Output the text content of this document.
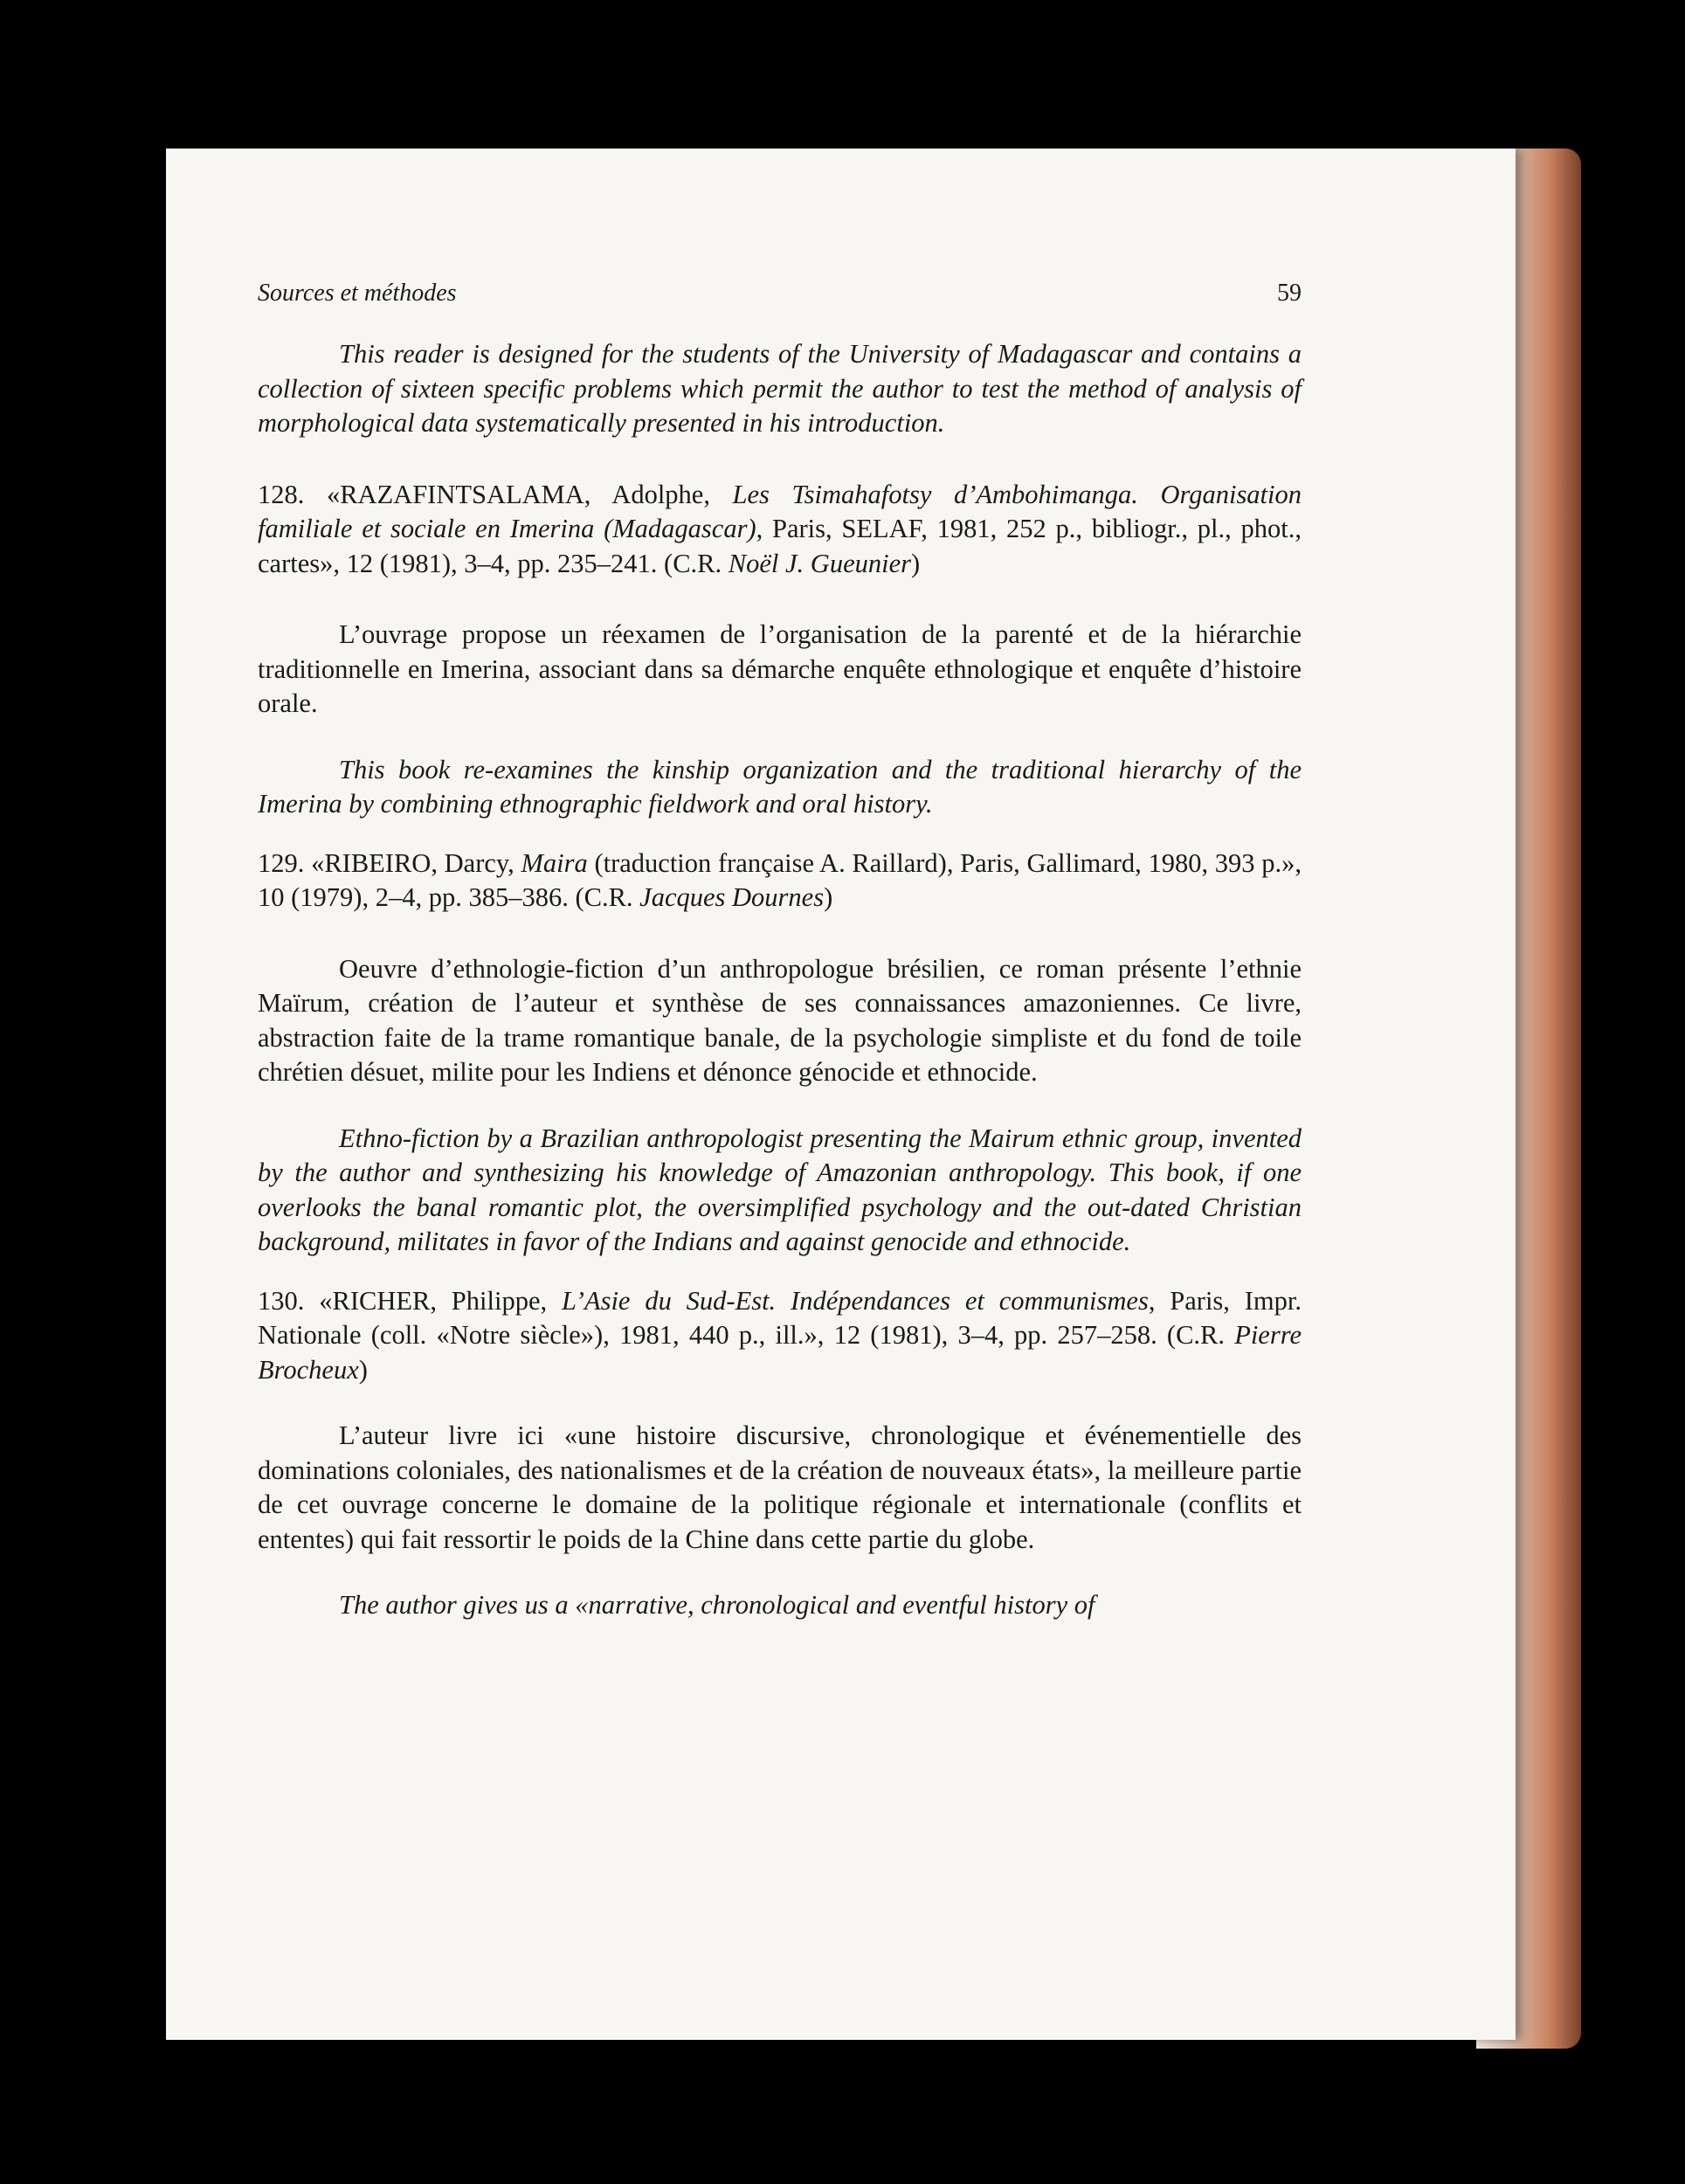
Sources et méthodes	59

This reader is designed for the students of the University of Madagascar and contains a collection of sixteen specific problems which permit the author to test the method of analysis of morphological data systematically presented in his introduction.

128. «RAZAFINTSALAMA, Adolphe, Les Tsimahafotsy d’Ambohimanga. Organisation familiale et sociale en Imerina (Madagascar), Paris, SELAF, 1981, 252 p., bibliogr., pl., phot., cartes», 12 (1981), 3–4, pp. 235–241. (C.R. Noël J. Gueunier)

L’ouvrage propose un réexamen de l’organisation de la parenté et de la hiérarchie traditionnelle en Imerina, associant dans sa démarche enquête ethnologique et enquête d’histoire orale.

This book re-examines the kinship organization and the traditional hierarchy of the Imerina by combining ethnographic fieldwork and oral history.

129. «RIBEIRO, Darcy, Maira (traduction française A. Raillard), Paris, Gallimard, 1980, 393 p.», 10 (1979), 2–4, pp. 385–386. (C.R. Jacques Dournes)

Oeuvre d’ethnologie-fiction d’un anthropologue brésilien, ce roman présente l’ethnie Maïrum, création de l’auteur et synthèse de ses connaissances amazoniennes. Ce livre, abstraction faite de la trame romantique banale, de la psychologie simpliste et du fond de toile chrétien désuet, milite pour les Indiens et dénonce génocide et ethnocide.

Ethno-fiction by a Brazilian anthropologist presenting the Mairum ethnic group, invented by the author and synthesizing his knowledge of Amazonian anthropology. This book, if one overlooks the banal romantic plot, the oversimplified psychology and the out-dated Christian background, militates in favor of the Indians and against genocide and ethnocide.

130. «RICHER, Philippe, L’Asie du Sud-Est. Indépendances et communismes, Paris, Impr. Nationale (coll. «Notre siècle»), 1981, 440 p., ill.», 12 (1981), 3–4, pp. 257–258. (C.R. Pierre Brocheux)

L’auteur livre ici «une histoire discursive, chronologique et événementielle des dominations coloniales, des nationalismes et de la création de nouveaux états», la meilleure partie de cet ouvrage concerne le domaine de la politique régionale et internationale (conflits et ententes) qui fait ressortir le poids de la Chine dans cette partie du globe.

The author gives us a «narrative, chronological and eventful history of
